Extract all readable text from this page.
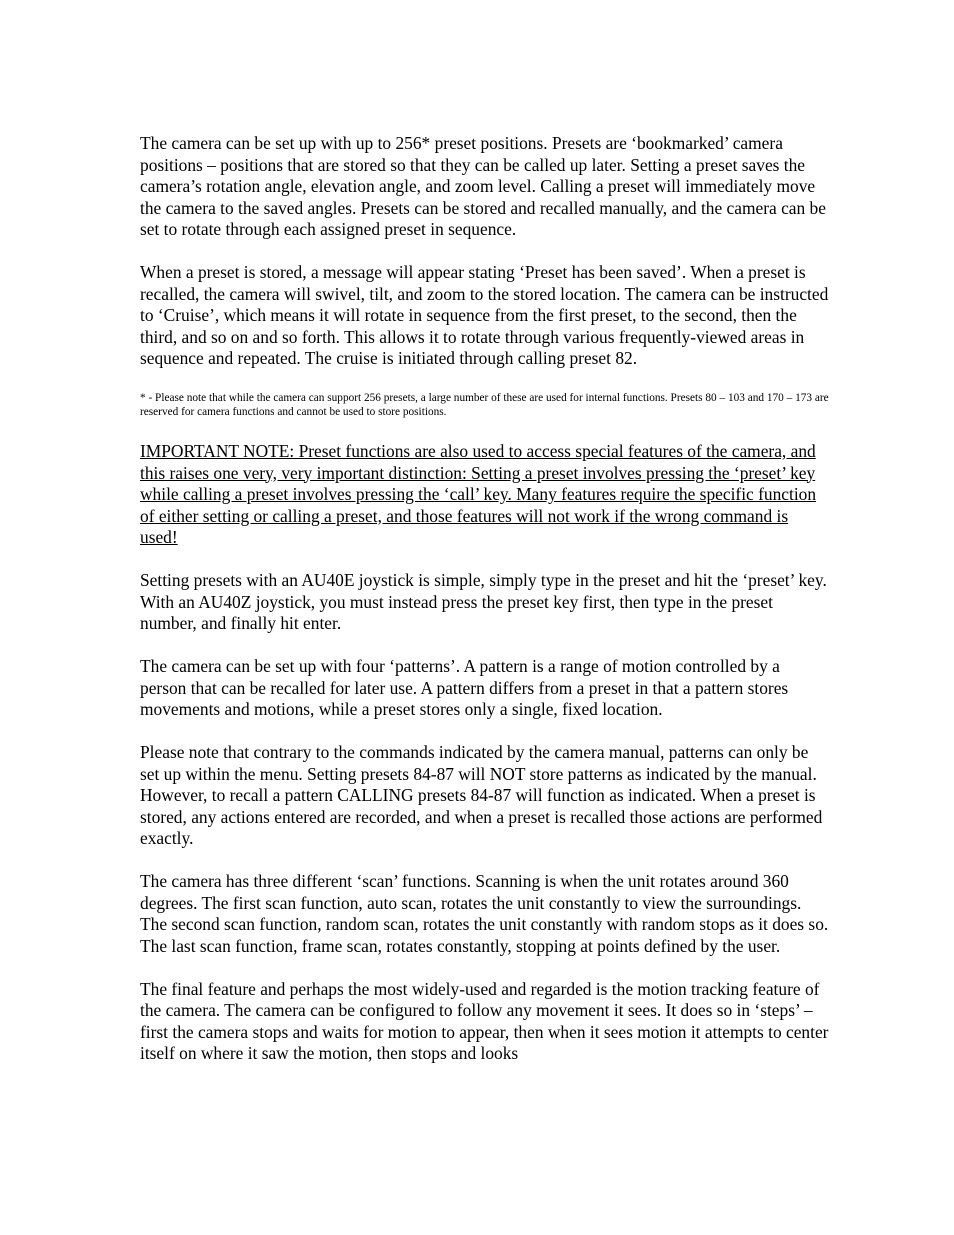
The camera can be set up with up to 256* preset positions. Presets are ‘bookmarked’ camera positions – positions that are stored so that they can be called up later. Setting a preset saves the camera’s rotation angle, elevation angle, and zoom level. Calling a preset will immediately move the camera to the saved angles. Presets can be stored and recalled manually, and the camera can be set to rotate through each assigned preset in sequence.

When a preset is stored, a message will appear stating ‘Preset has been saved’. When a preset is recalled, the camera will swivel, tilt, and zoom to the stored location. The camera can be instructed to ‘Cruise’, which means it will rotate in sequence from the first preset, to the second, then the third, and so on and so forth. This allows it to rotate through various frequently-viewed areas in sequence and repeated. The cruise is initiated through calling preset 82.

* - Please note that while the camera can support 256 presets, a large number of these are used for internal functions. Presets 80 – 103 and 170 – 173 are reserved for camera functions and cannot be used to store positions.

IMPORTANT NOTE: Preset functions are also used to access special features of the camera, and this raises one very, very important distinction: Setting a preset involves pressing the ‘preset’ key while calling a preset involves pressing the ‘call’ key. Many features require the specific function of either setting or calling a preset, and those features will not work if the wrong command is used!

Setting presets with an AU40E joystick is simple, simply type in the preset and hit the ‘preset’ key. With an AU40Z joystick, you must instead press the preset key first, then type in the preset number, and finally hit enter.

The camera can be set up with four ‘patterns’. A pattern is a range of motion controlled by a person that can be recalled for later use. A pattern differs from a preset in that a pattern stores movements and motions, while a preset stores only a single, fixed location.

Please note that contrary to the commands indicated by the camera manual, patterns can only be set up within the menu. Setting presets 84-87 will NOT store patterns as indicated by the manual. However, to recall a pattern CALLING presets 84-87 will function as indicated. When a preset is stored, any actions entered are recorded, and when a preset is recalled those actions are performed exactly.

The camera has three different ‘scan’ functions. Scanning is when the unit rotates around 360 degrees. The first scan function, auto scan, rotates the unit constantly to view the surroundings. The second scan function, random scan, rotates the unit constantly with random stops as it does so. The last scan function, frame scan, rotates constantly, stopping at points defined by the user.

The final feature and perhaps the most widely-used and regarded is the motion tracking feature of the camera. The camera can be configured to follow any movement it sees. It does so in ‘steps’ – first the camera stops and waits for motion to appear, then when it sees motion it attempts to center itself on where it saw the motion, then stops and looks
